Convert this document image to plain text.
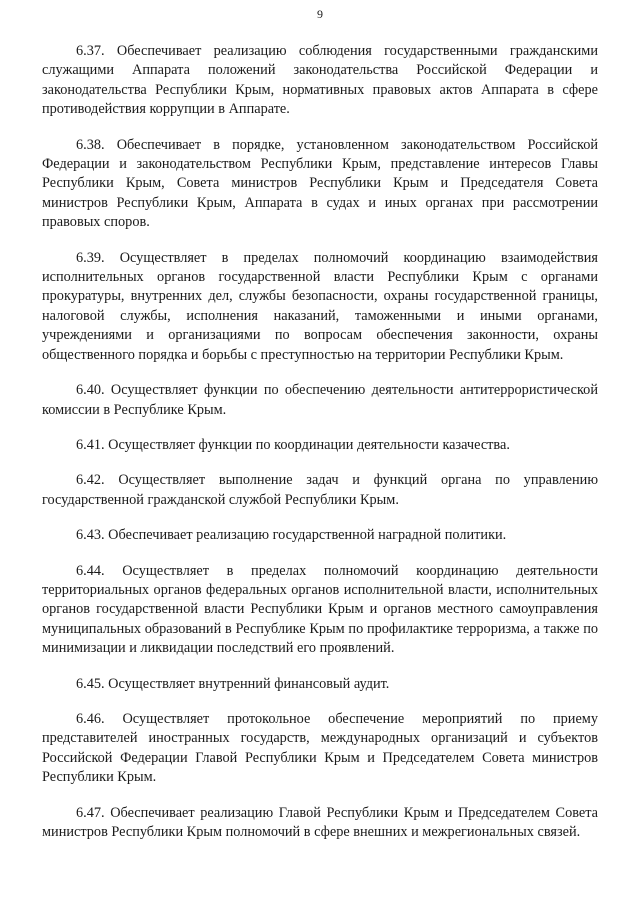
9

6.37. Обеспечивает реализацию соблюдения государственными гражданскими служащими Аппарата положений законодательства Российской Федерации и законодательства Республики Крым, нормативных правовых актов Аппарата в сфере противодействия коррупции в Аппарате.

6.38. Обеспечивает в порядке, установленном законодательством Российской Федерации и законодательством Республики Крым, представление интересов Главы Республики Крым, Совета министров Республики Крым и Председателя Совета министров Республики Крым, Аппарата в судах и иных органах при рассмотрении правовых споров.

6.39. Осуществляет в пределах полномочий координацию взаимодействия исполнительных органов государственной власти Республики Крым с органами прокуратуры, внутренних дел, службы безопасности, охраны государственной границы, налоговой службы, исполнения наказаний, таможенными и иными органами, учреждениями и организациями по вопросам обеспечения законности, охраны общественного порядка и борьбы с преступностью на территории Республики Крым.

6.40. Осуществляет функции по обеспечению деятельности антитеррористической комиссии в Республике Крым.

6.41. Осуществляет функции по координации деятельности казачества.

6.42. Осуществляет выполнение задач и функций органа по управлению государственной гражданской службой Республики Крым.

6.43. Обеспечивает реализацию государственной наградной политики.

6.44. Осуществляет в пределах полномочий координацию деятельности территориальных органов федеральных органов исполнительной власти, исполнительных органов государственной власти Республики Крым и органов местного самоуправления муниципальных образований в Республике Крым по профилактике терроризма, а также по минимизации и ликвидации последствий его проявлений.

6.45. Осуществляет внутренний финансовый аудит.

6.46. Осуществляет протокольное обеспечение мероприятий по приему представителей иностранных государств, международных организаций и субъектов Российской Федерации Главой Республики Крым и Председателем Совета министров Республики Крым.

6.47. Обеспечивает реализацию Главой Республики Крым и Председателем Совета министров Республики Крым полномочий в сфере внешних и межрегиональных связей.
